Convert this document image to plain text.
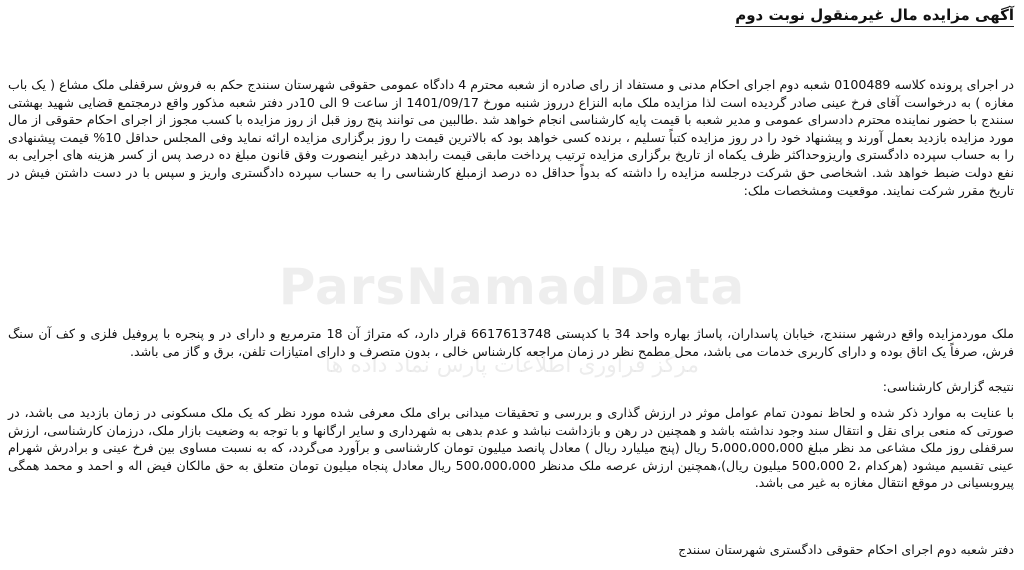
ParsNamadData
مرکز فرآوری اطلاعات پارس نماد داده ها
آگهی مزایده مال غیرمنقول نوبت دوم
در اجرای پرونده کلاسه 0100489 شعبه دوم اجرای احکام مدنی و مستفاد از رای صادره از شعبه محترم 4 دادگاه عمومی حقوقی شهرستان سنندج حکم به فروش سرقفلی ملک مشاع ( یک باب مغازه ) به درخواست آقای فرخ عینی صادر گردیده است لذا مزایده ملک مابه النزاع درروز شنبه مورخ 1401/09/17 از ساعت 9 الی 10در دفتر شعبه مذکور واقع درمجتمع قضایی شهید بهشتی سنندج با حضور نماینده محترم دادسرای عمومی و مدیر شعبه با قیمت پایه کارشناسی انجام خواهد شد .طالبین می توانند پنج روز قبل از روز مزایده با کسب مجوز از اجرای احکام حقوقی از مال مورد مزایده بازدید بعمل آورند و پیشنهاد خود را در روز مزایده کتباً تسلیم ، برنده کسی خواهد بود که بالاترین قیمت را روز برگزاری مزایده ارائه نماید وفی المجلس حداقل 10% قیمت پیشنهادی را به حساب سپرده دادگستری واریزوحداکثر ظرف یکماه از تاریخ برگزاری مزایده ترتیب پرداخت مابقی قیمت رابدهد درغیر اینصورت وفق قانون مبلغ ده درصد پس از کسر هزینه های اجرایی به نفع دولت ضبط خواهد شد. اشخاصی حق شرکت درجلسه مزایده را داشته که بدواً حداقل ده درصد ازمبلغ کارشناسی را به حساب سپرده دادگستری واریز و سپس با در دست داشتن فیش در تاریخ مقرر شرکت نمایند. موقعیت ومشخصات ملک:
ملک موردمزایده واقع درشهر سنندج، خیابان پاسداران، پاساژ بهاره واحد 34 با کدپستی 6617613748 قرار دارد، که متراژ آن 18 مترمربع و دارای در و پنجره با پروفیل فلزی و کف آن سنگ فرش، صرفاً یک اتاق بوده و دارای کاربری خدمات می باشد، محل مطمح نظر در زمان مراجعه کارشناس خالی ، بدون متصرف و دارای امتیازات تلفن، برق و گاز می باشد.
نتیجه گزارش کارشناسی:
با عنایت به موارد ذکر شده و لحاظ نمودن تمام عوامل موثر در ارزش گذاری و بررسی و تحقیقات میدانی برای ملک معرفی شده مورد نظر که یک ملک مسکونی در زمان بازدید می باشد، در صورتی که منعی برای نقل و انتقال سند وجود نداشته باشد و همچنین در رهن و بازداشت نباشد و عدم بدهی به شهرداری و سایر ارگانها و با توجه به وضعیت بازار ملک، درزمان کارشناسی، ارزش سرقفلی روز ملک مشاعی مد نظر مبلغ 5،000،000،000 ریال (پنج میلیارد ریال ) معادل پانصد میلیون تومان کارشناسی و برآورد می‌گردد، که به نسبت مساوی بین فرخ عینی و برادرش شهرام عینی تقسیم میشود (هرکدام ،2 500،000 میلیون ریال)،همچنین ارزش عرصه ملک مدنظر 500،000،000 ریال معادل پنجاه میلیون تومان متعلق به حق مالکان فیض اله و احمد و محمد همگی پیروبسیانی در موقع انتقال مغازه به غیر می باشد.
دفتر شعبه دوم اجرای احکام حقوقی دادگستری شهرستان سنندج
